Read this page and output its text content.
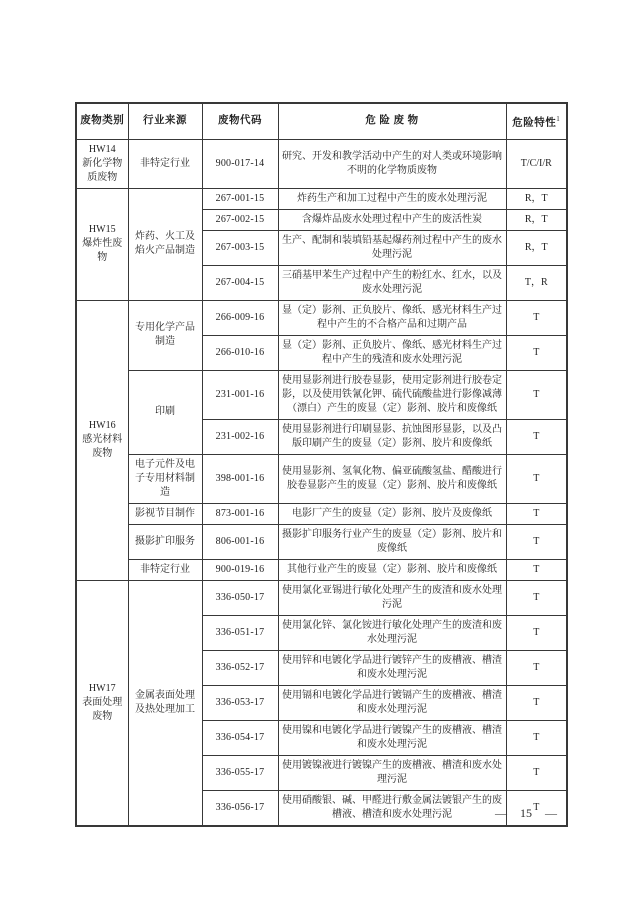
废物类别	行业来源	废物代码	危 险 废 物	危险特性$^1$

HW14
新化学物质废物	非特定行业	900-017-14	研究、开发和教学活动中产生的对人类或环境影响不明的化学物质废物	T/C/I/R

HW15
爆炸性废物	炸药、火工及焰火产品制造	267-001-15	炸药生产和加工过程中产生的废水处理污泥	R，T
		267-002-15	含爆炸品废水处理过程中产生的废活性炭	R，T
		267-003-15	生产、配制和装填铅基起爆药剂过程中产生的废水处理污泥	R，T
		267-004-15	三硝基甲苯生产过程中产生的粉红水、红水，以及废水处理污泥	T，R

HW16
感光材料废物	专用化学产品制造	266-009-16	显（定）影剂、正负胶片、像纸、感光材料生产过程中产生的不合格产品和过期产品	T
		266-010-16	显（定）影剂、正负胶片、像纸、感光材料生产过程中产生的残渣和废水处理污泥	T
	印刷	231-001-16	使用显影剂进行胶卷显影，使用定影剂进行胶卷定影，以及使用铁氰化钾、硫代硫酸盐进行影像减薄（漂白）产生的废显（定）影剂、胶片和废像纸	T
		231-002-16	使用显影剂进行印刷显影、抗蚀图形显影，以及凸版印刷产生的废显（定）影剂、胶片和废像纸	T
	电子元件及电子专用材料制造	398-001-16	使用显影剂、氢氧化物、偏亚硫酸氢盐、醋酸进行胶卷显影产生的废显（定）影剂、胶片和废像纸	T
	影视节目制作	873-001-16	电影厂产生的废显（定）影剂、胶片及废像纸	T
	摄影扩印服务	806-001-16	摄影扩印服务行业产生的废显（定）影剂、胶片和废像纸	T
	非特定行业	900-019-16	其他行业产生的废显（定）影剂、胶片和废像纸	T

HW17
表面处理废物	金属表面处理及热处理加工	336-050-17	使用氯化亚锡进行敏化处理产生的废渣和废水处理污泥	T
		336-051-17	使用氯化锌、氯化铵进行敏化处理产生的废渣和废水处理污泥	T
		336-052-17	使用锌和电镀化学品进行镀锌产生的废槽液、槽渣和废水处理污泥	T
		336-053-17	使用镉和电镀化学品进行镀镉产生的废槽液、槽渣和废水处理污泥	T
		336-054-17	使用镍和电镀化学品进行镀镍产生的废槽液、槽渣和废水处理污泥	T
		336-055-17	使用镀镍液进行镀镍产生的废槽液、槽渣和废水处理污泥	T
		336-056-17	使用硝酸银、碱、甲醛进行敷金属法镀银产生的废槽液、槽渣和废水处理污泥	T
— 15 —
